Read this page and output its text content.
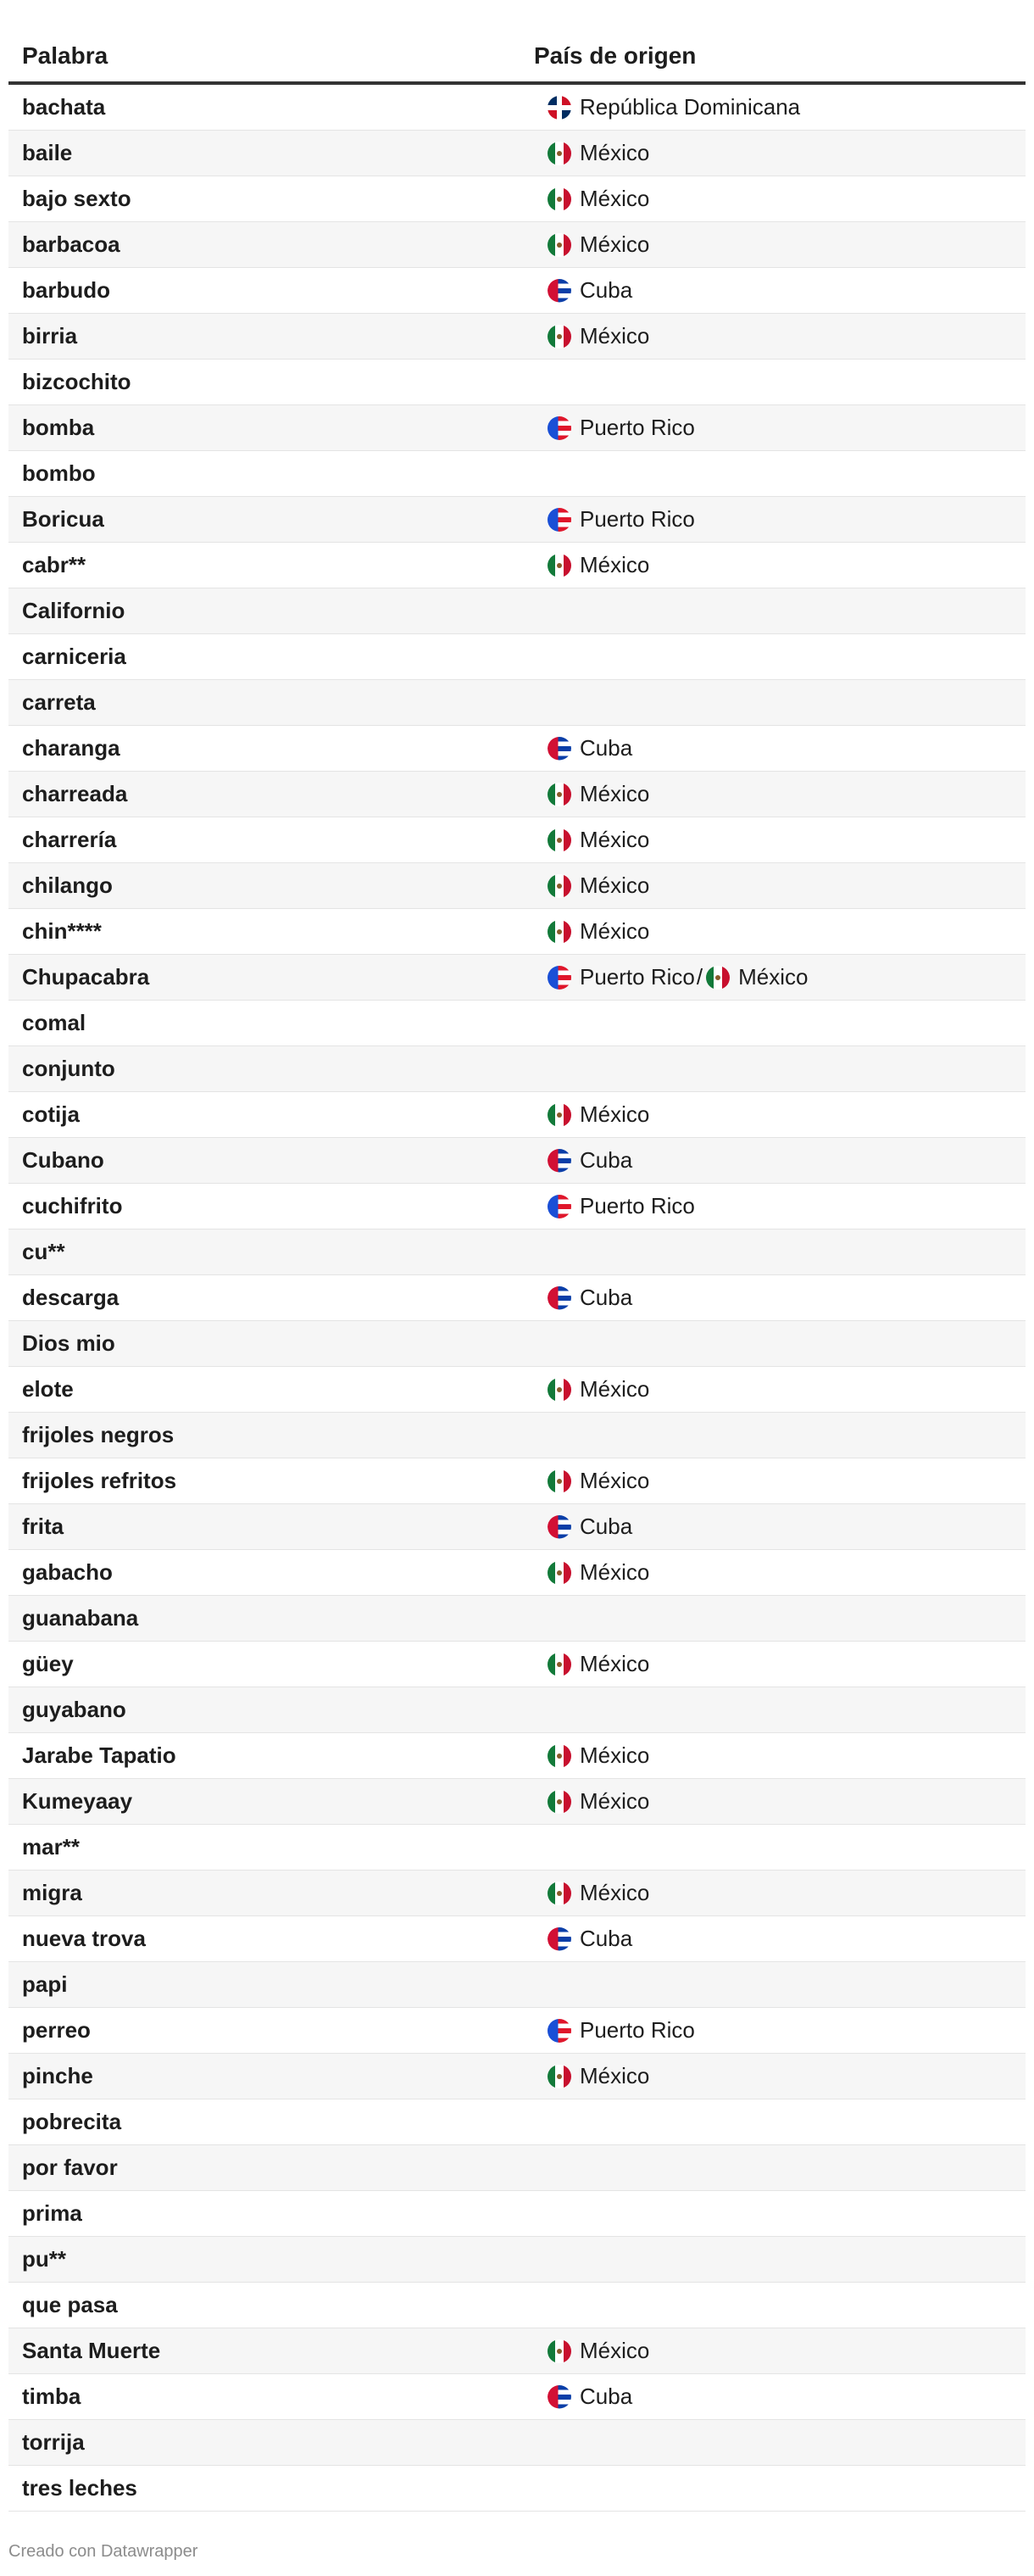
Palabra	País de origen
bachata	República Dominicana
baile	México
bajo sexto	México
barbacoa	México
barbudo	Cuba
birria	México
bizcochito
bomba	Puerto Rico
bombo
Boricua	Puerto Rico
cabr**	México
Californio
carniceria
carreta
charanga	Cuba
charreada	México
charrería	México
chilango	México
chin****	México
Chupacabra	Puerto Rico / México
comal
conjunto
cotija	México
Cubano	Cuba
cuchifrito	Puerto Rico
cu**
descarga	Cuba
Dios mio
elote	México
frijoles negros
frijoles refritos	México
frita	Cuba
gabacho	México
guanabana
güey	México
guyabano
Jarabe Tapatio	México
Kumeyaay	México
mar**
migra	México
nueva trova	Cuba
papi
perreo	Puerto Rico
pinche	México
pobrecita
por favor
prima
pu**
que pasa
Santa Muerte	México
timba	Cuba
torrija
tres leches
Creado con Datawrapper
